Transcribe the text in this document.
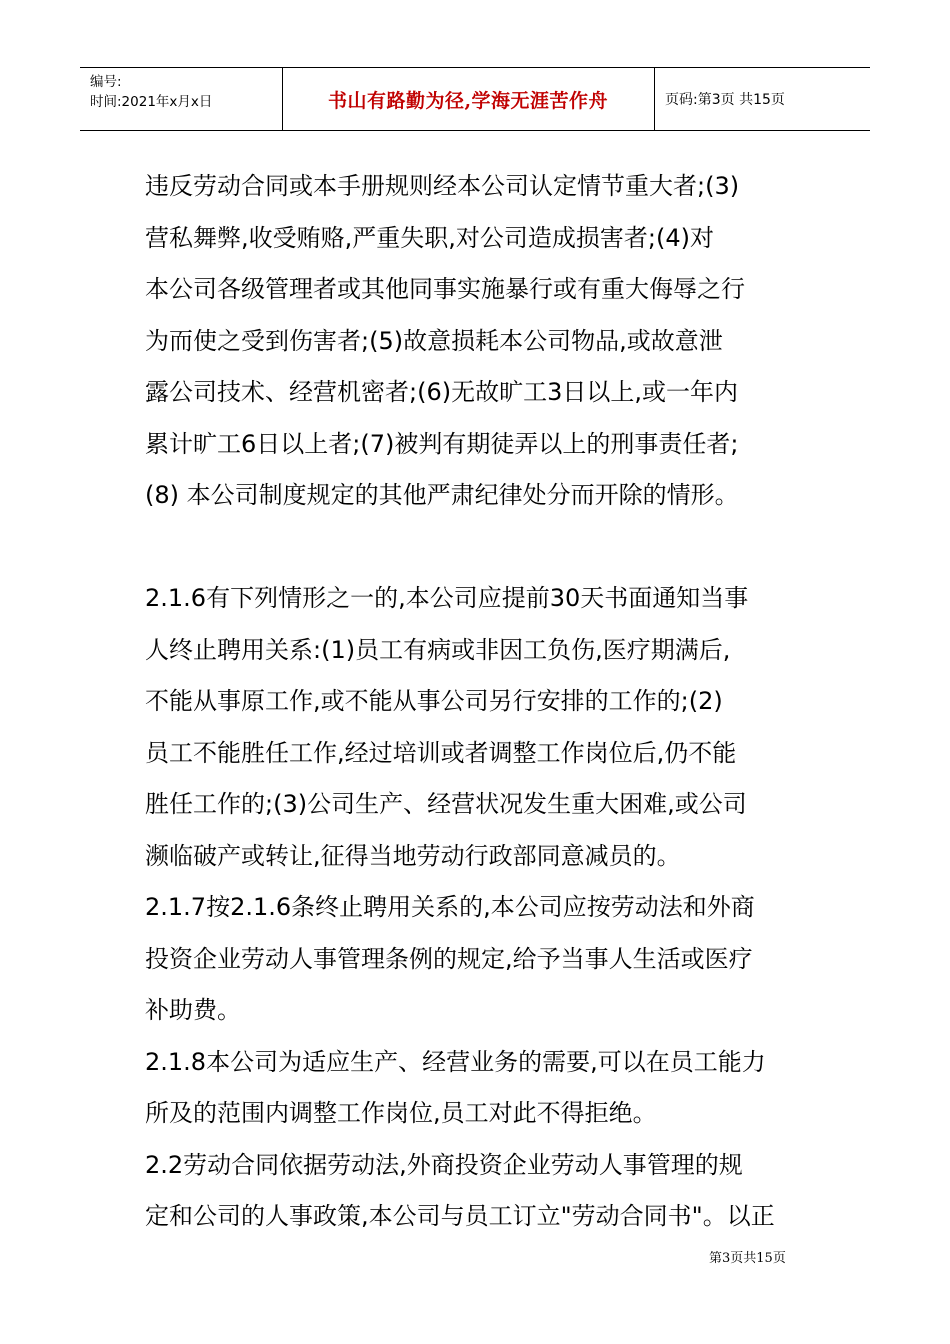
编号:
时间:2021年x月x日	书山有路勤为径,学海无涯苦作舟	页码:第3页 共15页
违反劳动合同或本手册规则经本公司认定情节重大者;(3)
营私舞弊,收受贿赂,严重失职,对公司造成损害者;(4)对
本公司各级管理者或其他同事实施暴行或有重大侮辱之行
为而使之受到伤害者;(5)故意损耗本公司物品,或故意泄
露公司技术、经营机密者;(6)无故旷工3日以上,或一年内
累计旷工6日以上者;(7)被判有期徒弄以上的刑事责任者;
(8) 本公司制度规定的其他严肃纪律处分而开除的情形。
2.1.6有下列情形之一的,本公司应提前30天书面通知当事
人终止聘用关系:(1)员工有病或非因工负伤,医疗期满后,
不能从事原工作,或不能从事公司另行安排的工作的;(2)
员工不能胜任工作,经过培训或者调整工作岗位后,仍不能
胜任工作的;(3)公司生产、经营状况发生重大困难,或公司
濒临破产或转让,征得当地劳动行政部同意减员的。
2.1.7按2.1.6条终止聘用关系的,本公司应按劳动法和外商
投资企业劳动人事管理条例的规定,给予当事人生活或医疗
补助费。
2.1.8本公司为适应生产、经营业务的需要,可以在员工能力
所及的范围内调整工作岗位,员工对此不得拒绝。
2.2劳动合同依据劳动法,外商投资企业劳动人事管理的规
定和公司的人事政策,本公司与员工订立"劳动合同书"。以正
第3页共15页
